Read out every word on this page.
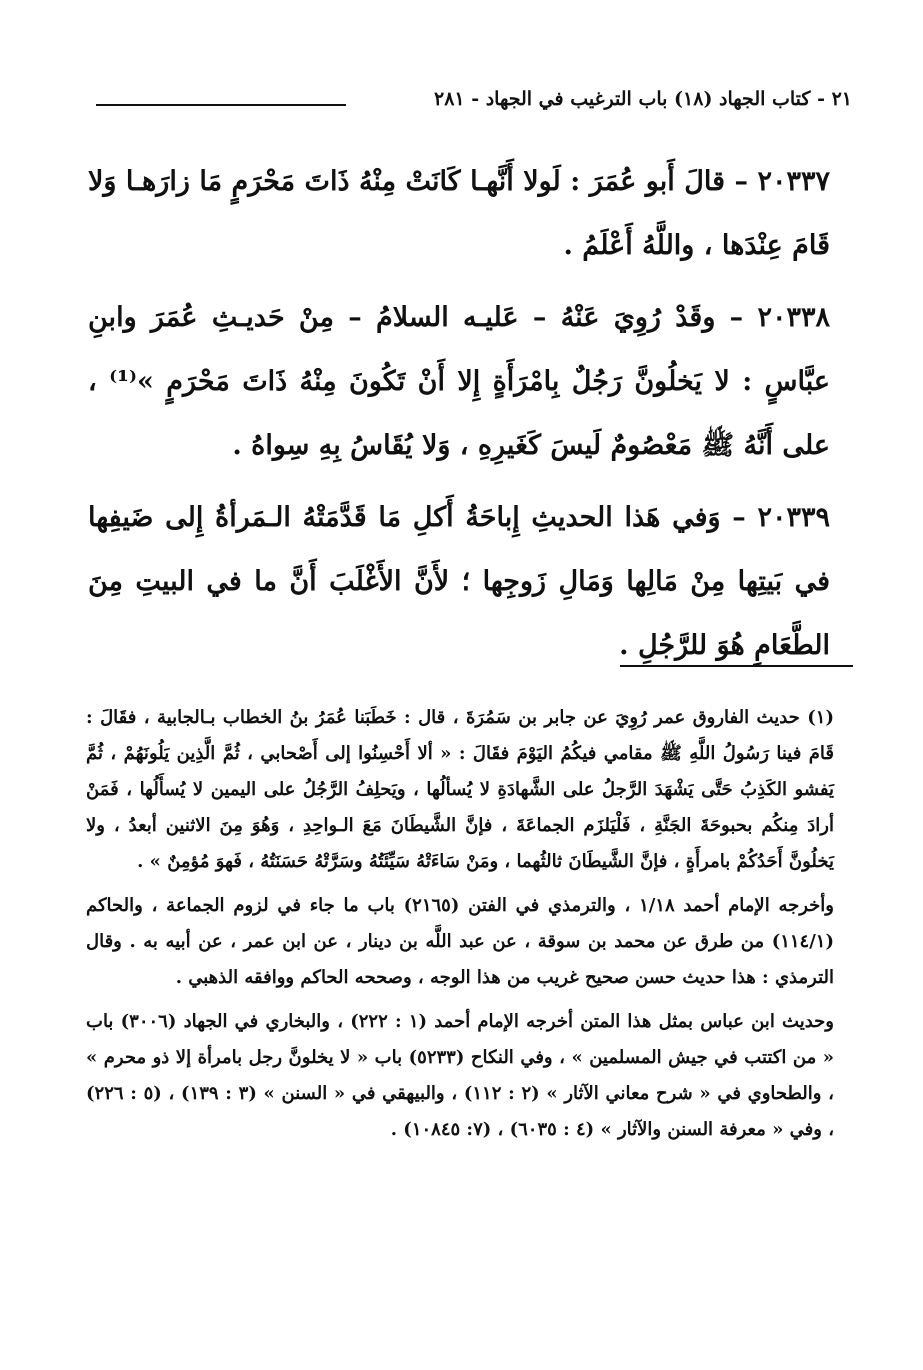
٢١ - كتاب الجهاد (١٨) باب الترغيب في الجهاد - ٢٨١

٢٠٣٣٧ – قالَ أَبو عُمَرَ : لَولا أَنَّهـا كَانَتْ مِنْهُ ذَاتَ مَحْرَمٍ مَا زارَهـا وَلا قَامَ عِنْدَها ، واللَّهُ أَعْلَمُ .

٢٠٣٣٨ – وقَدْ رُوِيَ عَنْهُ – عَليـه السلامُ – مِنْ حَديـثِ عُمَرَ وابنِ عبَّاسٍ : لا يَخلُونَّ رَجُلٌ بِامْرَأَةٍ إِلا أَنْ تَكُونَ مِنْهُ ذَاتَ مَحْرَمٍ »⁽¹⁾ ، على أَنَّهُ ﷺ مَعْصُومٌ لَيسَ كَغَيرِهِ ، وَلا يُقَاسُ بِهِ سِواهُ .

٢٠٣٣٩ – وَفي هَذا الحديثِ إِباحَةُ أَكلِ مَا قَدَّمَتْهُ الـمَرأةُ إِلى ضَيفِها في بَيتِها مِنْ مَالِها وَمَالِ زَوجِها ؛ لأَنَّ الأَغْلَبَ أَنَّ ما في البيتِ مِنَ الطَّعَامِ هُوَ للرَّجُلِ .

(١) حديث الفاروق عمر رُوِيَ عن جابر بن سَمُرَةَ ، قال : خَطَبَنا عُمَرُ بنُ الخطاب بـالجابية ، فقَالَ : قَامَ فينا رَسُولُ اللَّهِ ﷺ مقامي فيكُمُ اليَوْمَ فقَالَ : « ألا أَحْسِنُوا إلى أَصْحابي ، ثُمَّ الَّذِين يَلُونَهُمْ ، ثُمَّ يَفشو الكَذِبُ حَتَّى يَشْهَدَ الرَّجلُ على الشَّهادَةِ لا يُسألُها ، ويَحلِفُ الرَّجُلُ على اليمين لا يُسأَلُها ، فَمَنْ أرادَ مِنكُم بحبوحَةَ الجَنَّةِ ، فَلْيَلزَم الجماعَةَ ، فإنَّ الشَّيطَانَ مَعَ الـواحِدِ ، وَهُوَ مِنَ الاثنين أبعدُ ، ولا يَخلُونَّ أَحَدُكُمْ بامرأَةٍ ، فإنَّ الشَّيطَانَ ثالثُهما ، ومَنْ سَاءَتْهُ سَيِّئَتُهُ وسَرَّتْهُ حَسَنَتُهُ ، فَهوَ مُؤمِنٌ » .

وأخرجه الإمام أحمد ١/١٨ ، والترمذي في الفتن (٢١٦٥) باب ما جاء في لزوم الجماعة ، والحاكم (١١٤/١) من طرق عن محمد بن سوقة ، عن عبد اللَّه بن دينار ، عن ابن عمر ، عن أبيه به . وقال الترمذي : هذا حديث حسن صحيح غريب من هذا الوجه ، وصححه الحاكم ووافقه الذهبي .

وحديث ابن عباس بمثل هذا المتن أخرجه الإمام أحمد (١ : ٢٢٢) ، والبخاري في الجهاد (٣٠٠٦) باب « من اكتتب في جيش المسلمين » ، وفي النكاح (٥٢٣٣) باب « لا يخلونَّ رجل بامرأة إلا ذو محرم » ، والطحاوي في « شرح معاني الآثار » (٢ : ١١٢) ، والبيهقي في « السنن » (٣ : ١٣٩) ، (٥ : ٢٢٦) ، وفي « معرفة السنن والآثار » (٤ : ٦٠٣٥) ، (٧: ١٠٨٤٥) .
